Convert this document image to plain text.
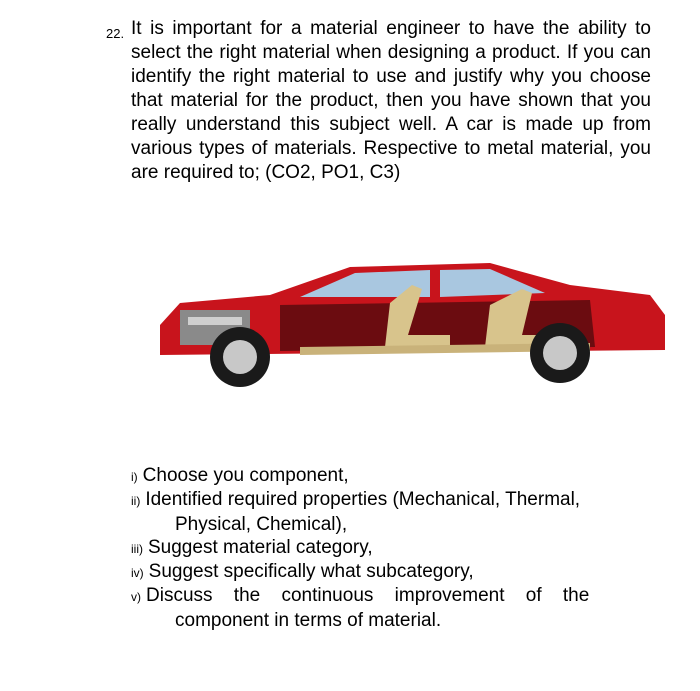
22. It is important for a material engineer to have the ability to select the right material when designing a product. If you can identify the right material to use and justify why you choose that material for the product, then you have shown that you really understand this subject well. A car is made up from various types of materials. Respective to metal material, you are required to; (CO2, PO1, C3)
i) Choose you component,
ii) Identified required properties (Mechanical, Thermal,
Physical, Chemical),
iii) Suggest material category,
iv) Suggest specifically what subcategory,
v) Discuss the continuous improvement of the
component in terms of material.
